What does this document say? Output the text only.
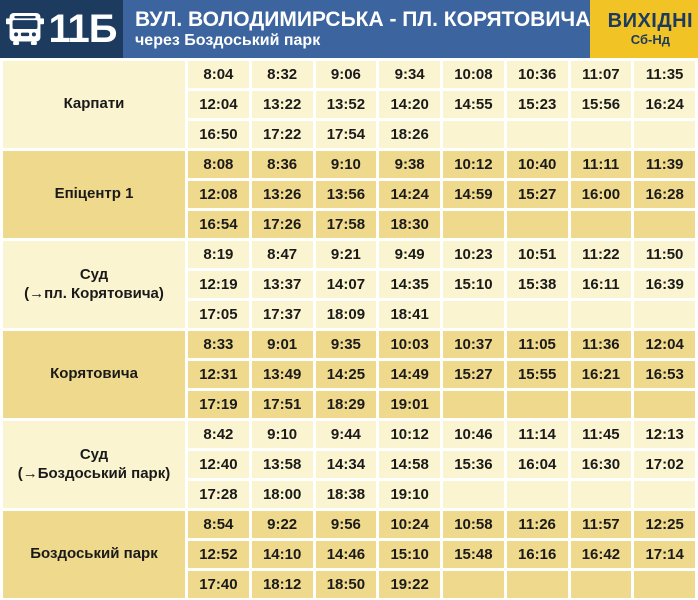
11Б ВУЛ. ВОЛОДИМИРСЬКА - ПЛ. КОРЯТОВИЧА
через Боздоський парк
ВИХІДНІ
Сб-Нд
Карпати	8:04	8:32	9:06	9:34	10:08	10:36	11:07	11:35
	12:04	13:22	13:52	14:20	14:55	15:23	15:56	16:24
	16:50	17:22	17:54	18:26				

Епіцентр 1	8:08	8:36	9:10	9:38	10:12	10:40	11:11	11:39
	12:08	13:26	13:56	14:24	14:59	15:27	16:00	16:28
	16:54	17:26	17:58	18:30				

Суд
(→пл. Корятовича)	8:19	8:47	9:21	9:49	10:23	10:51	11:22	11:50
	12:19	13:37	14:07	14:35	15:10	15:38	16:11	16:39
	17:05	17:37	18:09	18:41				

Корятовича	8:33	9:01	9:35	10:03	10:37	11:05	11:36	12:04
	12:31	13:49	14:25	14:49	15:27	15:55	16:21	16:53
	17:19	17:51	18:29	19:01				

Суд
(→Боздоський парк)	8:42	9:10	9:44	10:12	10:46	11:14	11:45	12:13
	12:40	13:58	14:34	14:58	15:36	16:04	16:30	17:02
	17:28	18:00	18:38	19:10				

Боздоський парк	8:54	9:22	9:56	10:24	10:58	11:26	11:57	12:25
	12:52	14:10	14:46	15:10	15:48	16:16	16:42	17:14
	17:40	18:12	18:50	19:22				
